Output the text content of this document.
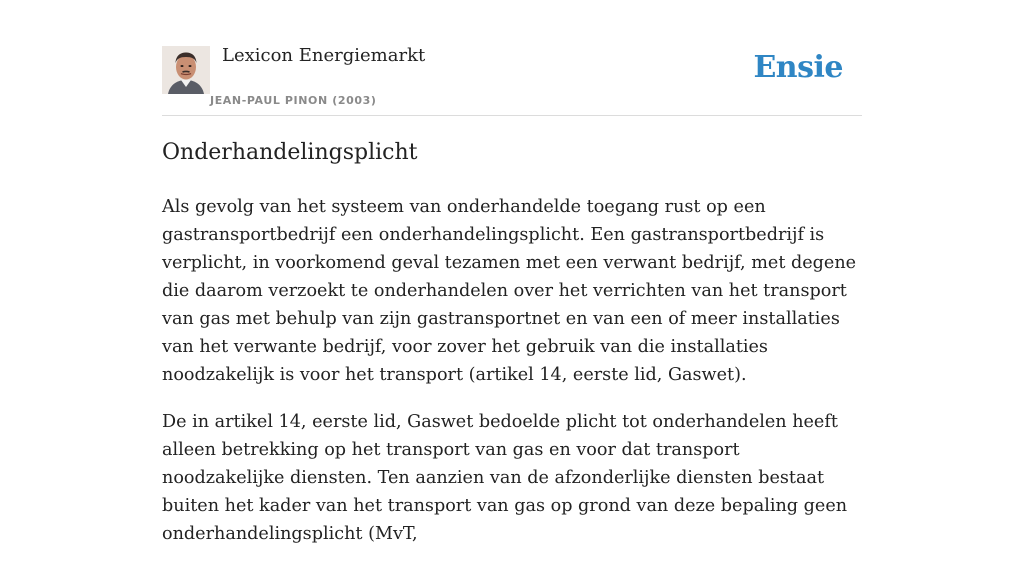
Lexicon Energiemarkt
JEAN-PAUL PINON (2003)
Ensie
Onderhandelingsplicht

Als gevolg van het systeem van onderhandelde toegang rust op een gastransportbedrijf een onderhandelingsplicht. Een gastransportbedrijf is verplicht, in voorkomend geval tezamen met een verwant bedrijf, met degene die daarom verzoekt te onderhandelen over het verrichten van het transport van gas met behulp van zijn gastransportnet en van een of meer installaties van het verwante bedrijf, voor zover het gebruik van die installaties noodzakelijk is voor het transport (artikel 14, eerste lid, Gaswet).

De in artikel 14, eerste lid, Gaswet bedoelde plicht tot onderhandelen heeft alleen betrekking op het transport van gas en voor dat transport noodzakelijke diensten. Ten aanzien van de afzonderlijke diensten bestaat buiten het kader van het transport van gas op grond van deze bepaling geen onderhandelingsplicht (MvT,
